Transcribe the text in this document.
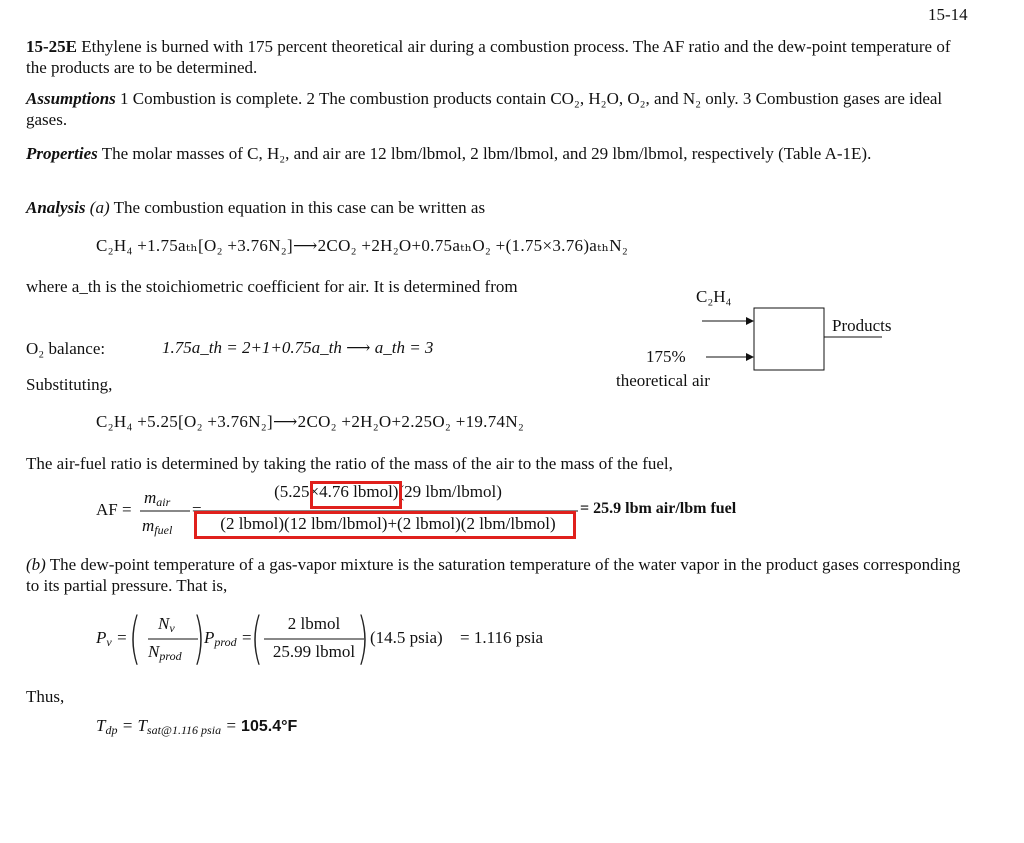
15-14
15-25E Ethylene is burned with 175 percent theoretical air during a combustion process. The AF ratio and the dew-point temperature of the products are to be determined.
Assumptions 1 Combustion is complete. 2 The combustion products contain CO₂, H₂O, O₂, and N₂ only. 3 Combustion gases are ideal gases.
Properties The molar masses of C, H₂, and air are 12 lbm/lbmol, 2 lbm/lbmol, and 29 lbm/lbmol, respectively (Table A-1E).
Analysis (a) The combustion equation in this case can be written as
C₂H₄ +1.75aₜₕ[O₂ +3.76N₂]⟶2CO₂ +2H₂O+0.75aₜₕO₂ +(1.75×3.76)aₜₕN₂
where a_th is the stoichiometric coefficient for air. It is determined from
O₂ balance:	1.75a_th = 2+1+0.75a_th ⟶ a_th = 3
Substituting,
C₂H₄
175%
theoretical air
Products
C₂H₄ +5.25[O₂ +3.76N₂]⟶2CO₂ +2H₂O+2.25O₂ +19.74N₂
The air-fuel ratio is determined by taking the ratio of the mass of the air to the mass of the fuel,
AF =
$m_{air}$
$m_{fuel}$
=
(5.25×4.76 lbmol)(29 lbm/lbmol)
(2 lbmol)(12 lbm/lbmol)+(2 lbmol)(2 lbm/lbmol)
= 25.9 lbm air/lbm fuel
(b) The dew-point temperature of a gas-vapor mixture is the saturation temperature of the water vapor in the product gases corresponding to its partial pressure. That is,
$P_v$ = ( $N_v$
$N_{prod}$ ) $P_{prod}$ =
(	2 lbmol
25.99 lbmol ) (14.5 psia) = 1.116 psia
Thus,
$T_{dp} = T_{sat@1.116 psia} = 105.4^\circ F$
